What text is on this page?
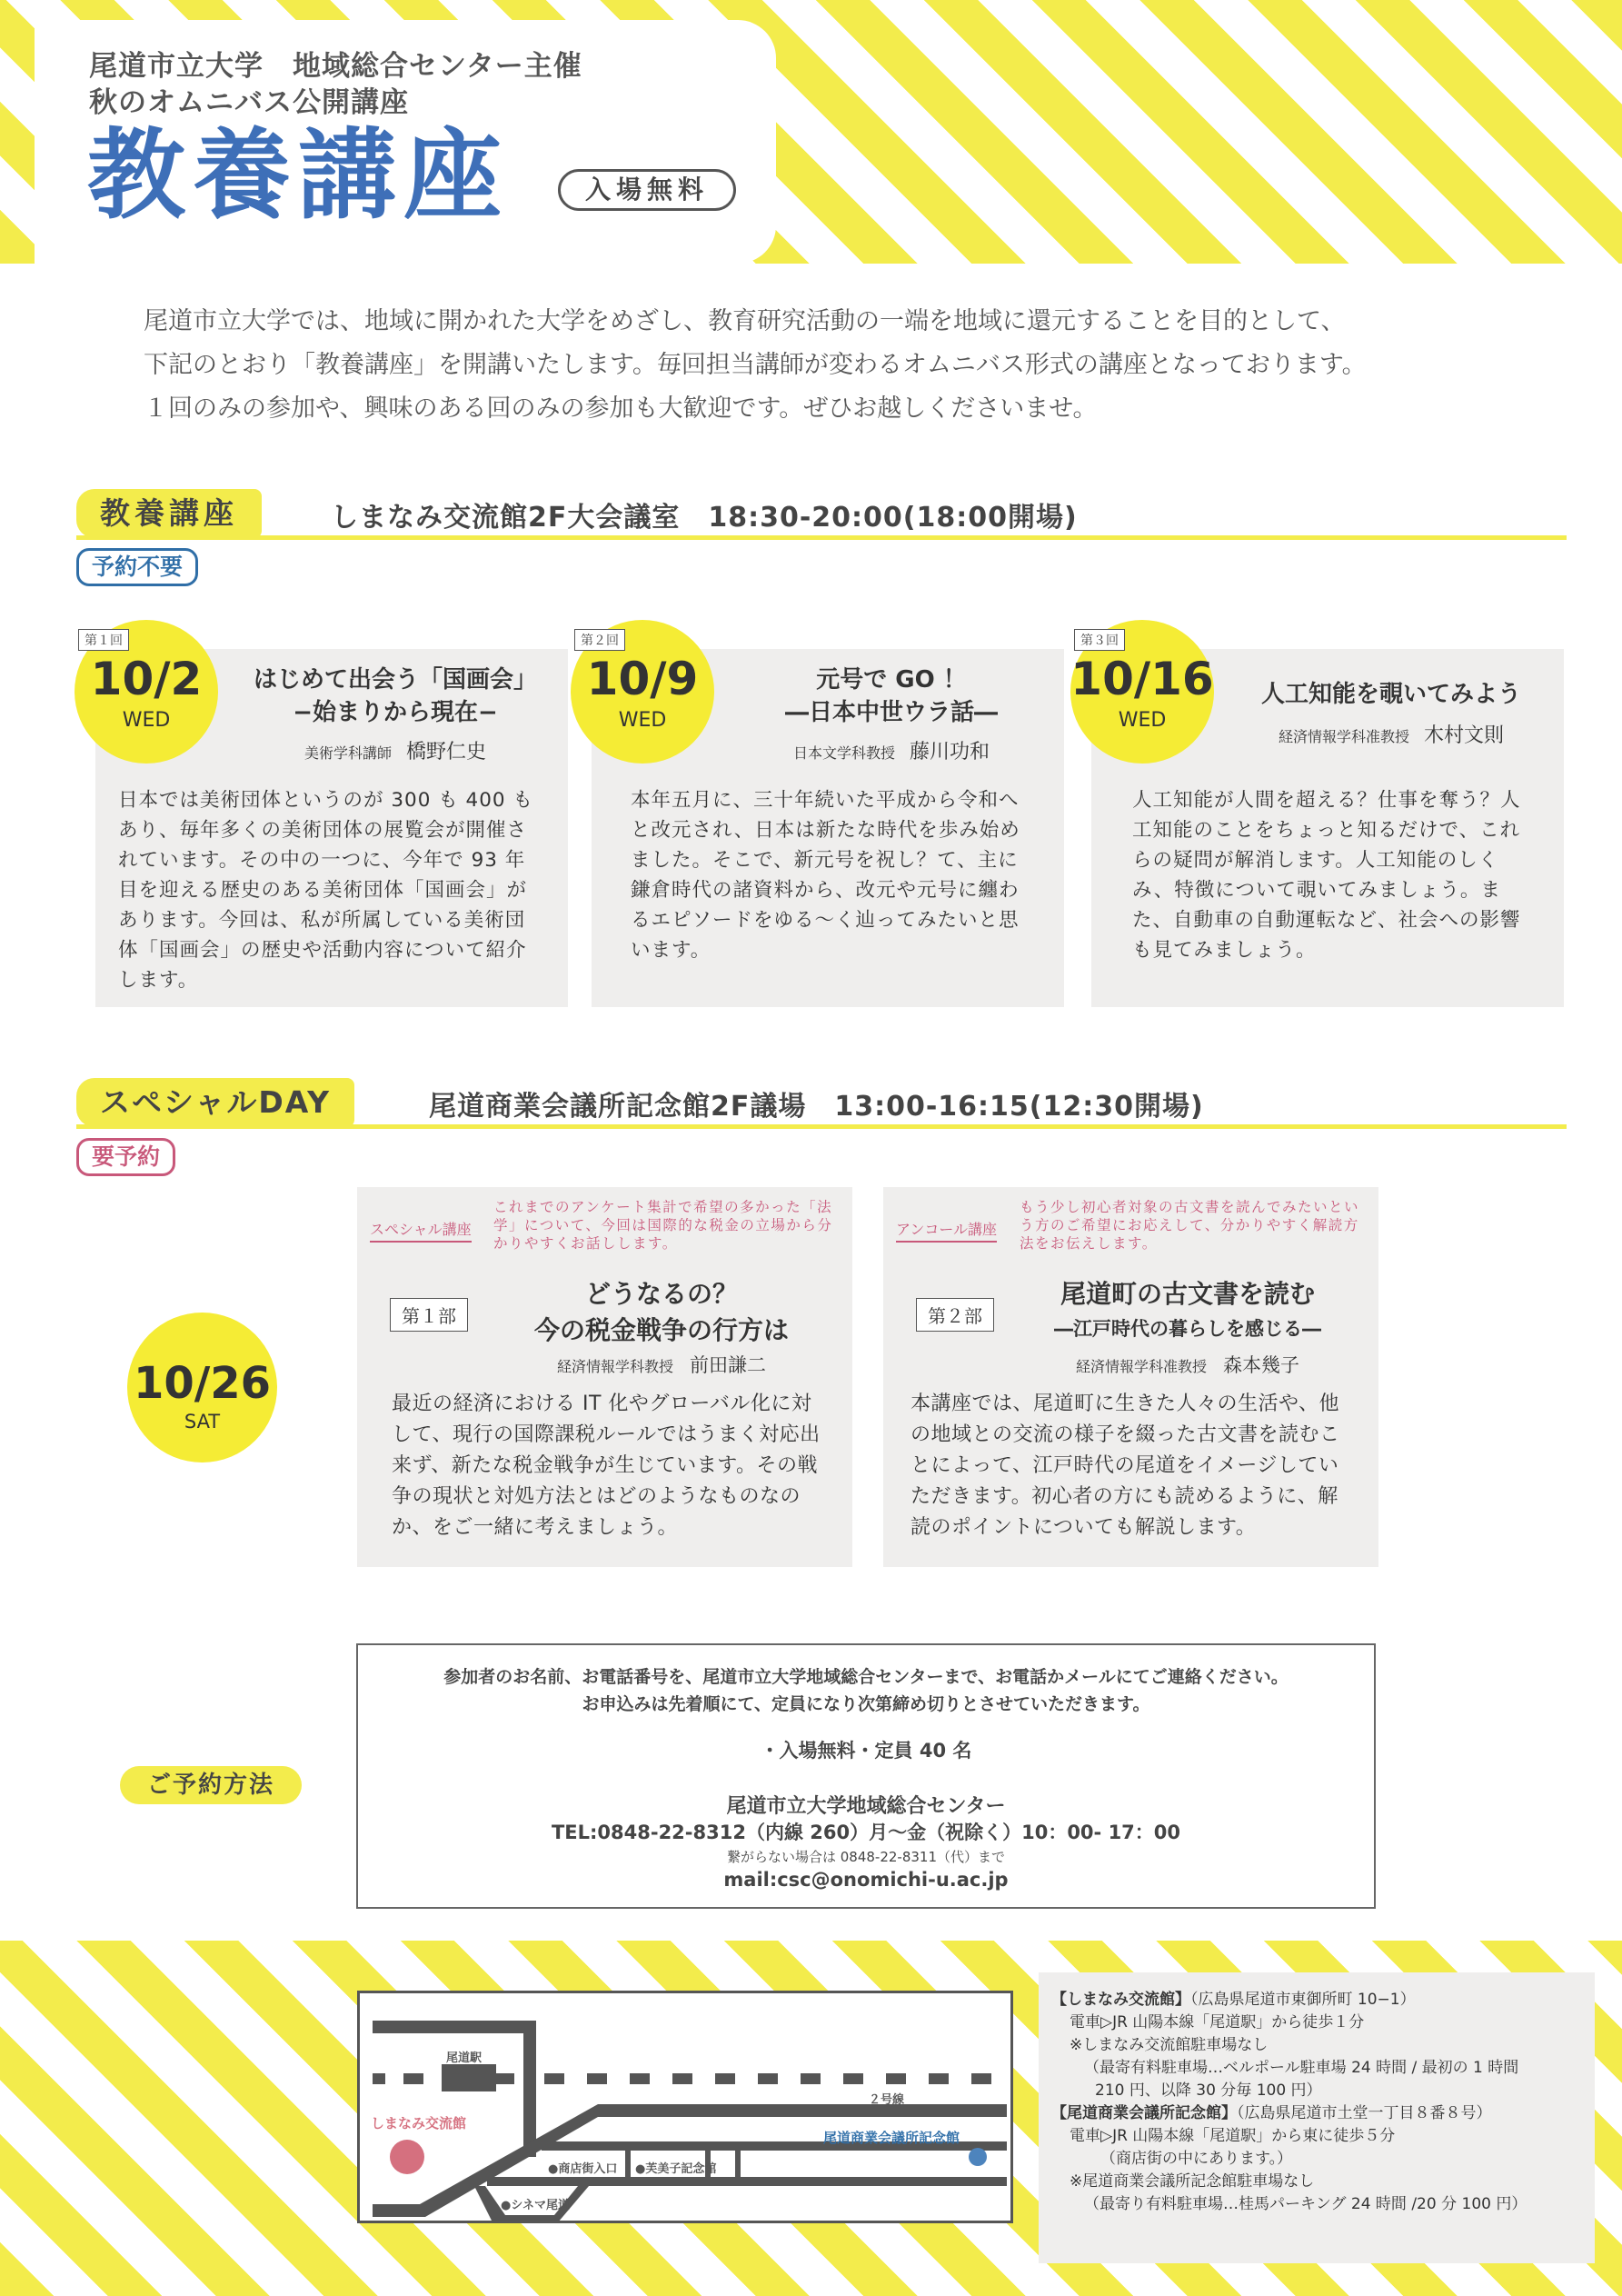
尾道市立大学　地域総合センター主催
秋のオムニバス公開講座
教養講座	入場無料
尾道市立大学では、地域に開かれた大学をめざし、教育研究活動の一端を地域に還元することを目的として、
下記のとおり「教養講座」を開講いたします。毎回担当講師が変わるオムニバス形式の講座となっております。
１回のみの参加や、興味のある回のみの参加も大歓迎です。ぜひお越しくださいませ。
教養講座	しまなみ交流館2F大会議室　18:30-20:00(18:00開場)
予約不要
第１回
10/2
WED
はじめて出会う「国画会」
−始まりから現在−
美術学科講師 橋野仁史
日本では美術団体というのが 300 も 400 もあり、毎年多くの美術団体の展覧会が開催されています。その中の一つに、今年で 93 年目を迎える歴史のある美術団体「国画会」があります。今回は、私が所属している美術団体「国画会」の歴史や活動内容について紹介します。
第２回
10/9
WED
元号で GO ！
―日本中世ウラ話―
日本文学科教授 藤川功和
本年五月に、三十年続いた平成から令和へと改元され、日本は新たな時代を歩み始めました。そこで、新元号を祝し？て、主に鎌倉時代の諸資料から、改元や元号に纏わるエピソードをゆる〜く辿ってみたいと思います。
第３回
10/16
WED
人工知能を覗いてみよう
経済情報学科准教授 木村文則
人工知能が人間を超える？仕事を奪う？人工知能のことをちょっと知るだけで、これらの疑問が解消します。人工知能のしくみ、特徴について覗いてみましょう。また、自動車の自動運転など、社会への影響も見てみましょう。
スペシャルDAY	尾道商業会議所記念館2F議場　13:00-16:15(12:30開場)
要予約
10/26
SAT
スペシャル講座
これまでのアンケート集計で希望の多かった「法学」について、今回は国際的な税金の立場から分かりやすくお話しします。
第１部
どうなるの？
今の税金戦争の行方は
経済情報学科教授 前田謙二
最近の経済における IT 化やグローバル化に対して、現行の国際課税ルールではうまく対応出来ず、新たな税金戦争が生じています。その戦争の現状と対処方法とはどのようなものなのか、をご一緒に考えましょう。
アンコール講座
もう少し初心者対象の古文書を読んでみたいという方のご希望にお応えして、分かりやすく解読方法をお伝えします。
第２部
尾道町の古文書を読む
―江戸時代の暮らしを感じる―
経済情報学科准教授 森本幾子
本講座では、尾道町に生きた人々の生活や、他の地域との交流の様子を綴った古文書を読むことによって、江戸時代の尾道をイメージしていただきます。初心者の方にも読めるように、解読のポイントについても解説します。
ご予約方法
参加者のお名前、お電話番号を、尾道市立大学地域総合センターまで、お電話かメールにてご連絡ください。
お申込みは先着順にて、定員になり次第締め切りとさせていただきます。
・入場無料・定員 40 名
尾道市立大学地域総合センター
TEL:0848-22-8312（内線 260）月〜金（祝除く）10：00- 17：00
繋がらない場合は 0848-22-8311（代）まで
mail:csc@onomichi-u.ac.jp
尾道駅
２号線
しまなみ交流館
尾道商業会議所記念館
●商店街入口 ●芙美子記念館
●シネマ尾道
【しまなみ交流館】（広島県尾道市東御所町 10−1）
電車▷JR 山陽本線「尾道駅」から徒歩１分
※しまなみ交流館駐車場なし
（最寄有料駐車場…ベルポール駐車場 24 時間 / 最初の 1 時間
210 円、以降 30 分毎 100 円）
【尾道商業会議所記念館】（広島県尾道市土堂一丁目８番８号）
電車▷JR 山陽本線「尾道駅」から東に徒歩５分
（商店街の中にあります。）
※尾道商業会議所記念館駐車場なし
（最寄り有料駐車場…桂馬パーキング 24 時間 /20 分 100 円）
